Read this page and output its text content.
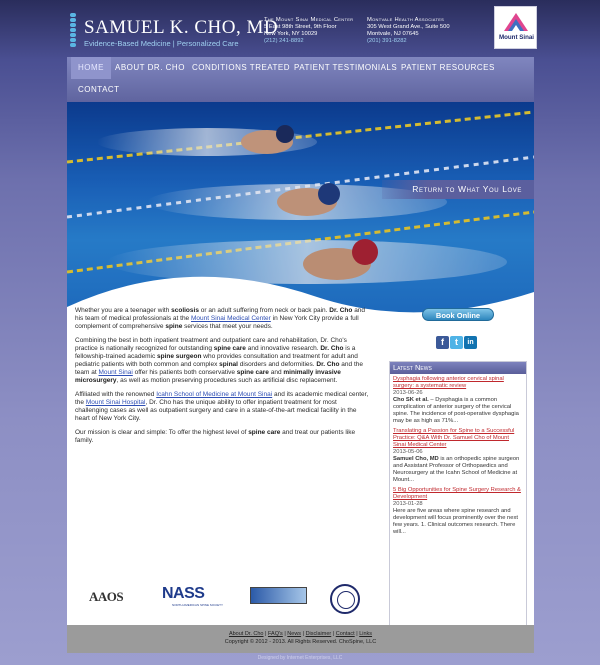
SAMUEL K. CHO, MD
Evidence-Based Medicine | Personalized Care
The Mount Sinai Medical Center
5 East 98th Street, 9th Floor
New York, NY 10029
(212) 241-8892
Montvale Health Associates
305 West Grand Ave., Suite 500
Montvale, NJ 07645
(201) 391-8282	Mount Sinai
HOME	ABOUT DR. CHO CONDITIONS TREATED PATIENT TESTIMONIALS PATIENT RESOURCES
CONTACT
Return to What You Love

Whether you are a teenager with scoliosis or an adult suffering from neck or back pain. Dr. Cho and his team of medical professionals at the Mount Sinai Medical Center in New York City provide a full complement of comprehensive spine services that meet your needs.

Combining the best in both inpatient treatment and outpatient care and rehabilitation, Dr. Cho's practice is nationally recognized for outstanding spine care and innovative research. Dr. Cho is a fellowship-trained academic spine surgeon who provides consultation and treatment for adult and pediatric patients with both common and complex spinal disorders and deformities. Dr. Cho and the team at Mount Sinai offer his patients both conservative spine care and minimally invasive microsurgery, as well as motion preserving procedures such as artificial disc replacement.

Affiliated with the renowned Icahn School of Medicine at Mount Sinai and its academic medical center, the Mount Sinai Hospital, Dr. Cho has the unique ability to offer inpatient treatment for most challenging cases as well as outpatient surgery and care in a state-of-the-art medical facility in the heart of New York City.

Our mission is clear and simple: To offer the highest level of spine care and treat our patients like family.

Book Online
f	t	in
Latest News
Dysphagia following anterior cervical spinal surgery: a systematic review
2013-06-26
Cho SK et al. – Dysphagia is a common complication of anterior surgery of the cervical spine. The incidence of post-operative dysphagia may be as high as 71%...
Translating a Passion for Spine to a Successful Practice: Q&A With Dr. Samuel Cho of Mount Sinai Medical Center
2013-05-06
Samuel Cho, MD is an orthopedic spine surgeon and Assistant Professor of Orthopaedics and Neurosurgery at the Icahn School of Medicine at Mount...
5 Big Opportunities for Spine Surgery Research & Development
2013-01-28
Here are five areas where spine research and development will focus prominently over the next few years. 1. Clinical outcomes research. There will...
AAOS NASS
NORTH AMERICAN SPINE SOCIETY
About Dr. Cho | FAQ's | News | Disclaimer | Contact | Links
Copyright © 2012 - 2013. All Rights Reserved. ChoSpine, LLC
Designed by Internet Enterprises, LLC
